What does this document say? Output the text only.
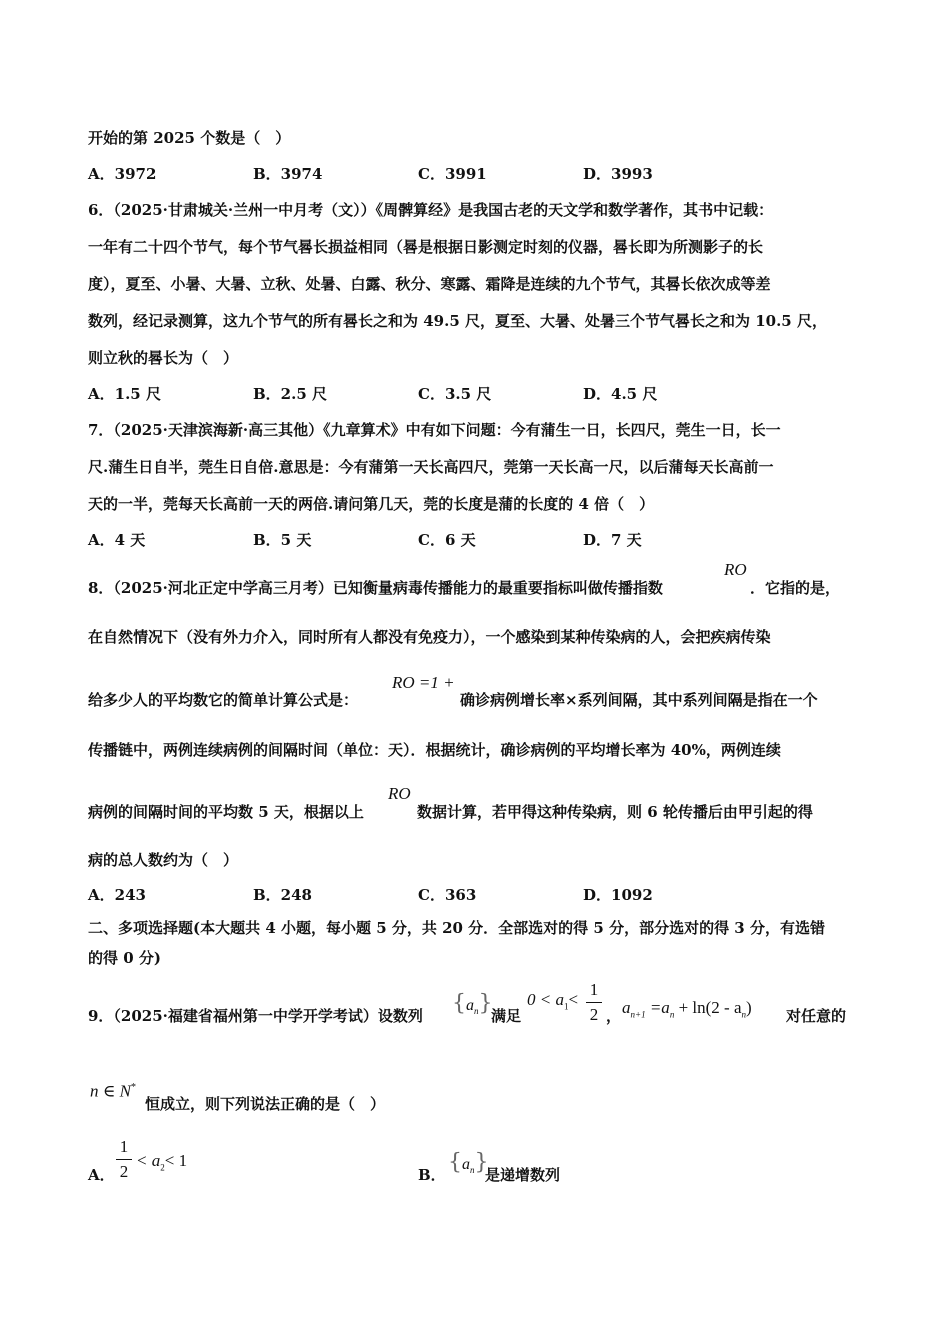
开始的第 2025 个数是（　）
A．3972	B．3974	C．3991	D．3993
6．（2025·甘肃城关·兰州一中月考（文））《周髀算经》是我国古老的天文学和数学著作，其书中记载：
一年有二十四个节气，每个节气晷长损益相同（晷是根据日影测定时刻的仪器，晷长即为所测影子的长
度），夏至、小暑、大暑、立秋、处暑、白露、秋分、寒露、霜降是连续的九个节气，其晷长依次成等差
数列，经记录测算，这九个节气的所有晷长之和为 49.5 尺，夏至、大暑、处暑三个节气晷长之和为 10.5 尺，
则立秋的晷长为（　）
A．1.5 尺	B．2.5 尺	C．3.5 尺	D．4.5 尺
7．（2025·天津滨海新·高三其他）《九章算术》中有如下问题：今有蒲生一日，长四尺，莞生一日，长一
尺.蒲生日自半，莞生日自倍.意思是：今有蒲第一天长高四尺，莞第一天长高一尺，以后蒲每天长高前一
天的一半，莞每天长高前一天的两倍.请问第几天，莞的长度是蒲的长度的 4 倍（　）
A．4 天	B．5 天	C．6 天	D．7 天
8．（2025·河北正定中学高三月考）已知衡量病毒传播能力的最重要指标叫做传播指数
RO
．它指的是，
在自然情况下（没有外力介入，同时所有人都没有免疫力），一个感染到某种传染病的人，会把疾病传染
给多少人的平均数它的简单计算公式是：
RO =1 +
确诊病例增长率×系列间隔，其中系列间隔是指在一个
传播链中，两例连续病例的间隔时间（单位：天）．根据统计，确诊病例的平均增长率为 40%，两例连续
病例的间隔时间的平均数 5 天，根据以上
RO
数据计算，若甲得这种传染病，则 6 轮传播后由甲引起的得
病的总人数约为（　）
A．243	B．248	C．363	D．1092
二、多项选择题(本大题共 4 小题，每小题 5 分，共 20 分．全部选对的得 5 分，部分选对的得 3 分，有选错
的得 0 分)
9．（2025·福建省福州第一中学开学考试）设数列 $\{a_n\}$
满足
$0 < a_1<$
1
2 ， $a_{n+1} =a_n + \ln(2 - a_n)$ 对任意的
n ∈ N*
恒成立，则下列说法正确的是（　）
A．
1
2
< $a_2< 1$
B． $\{a_n\}$
是递增数列
